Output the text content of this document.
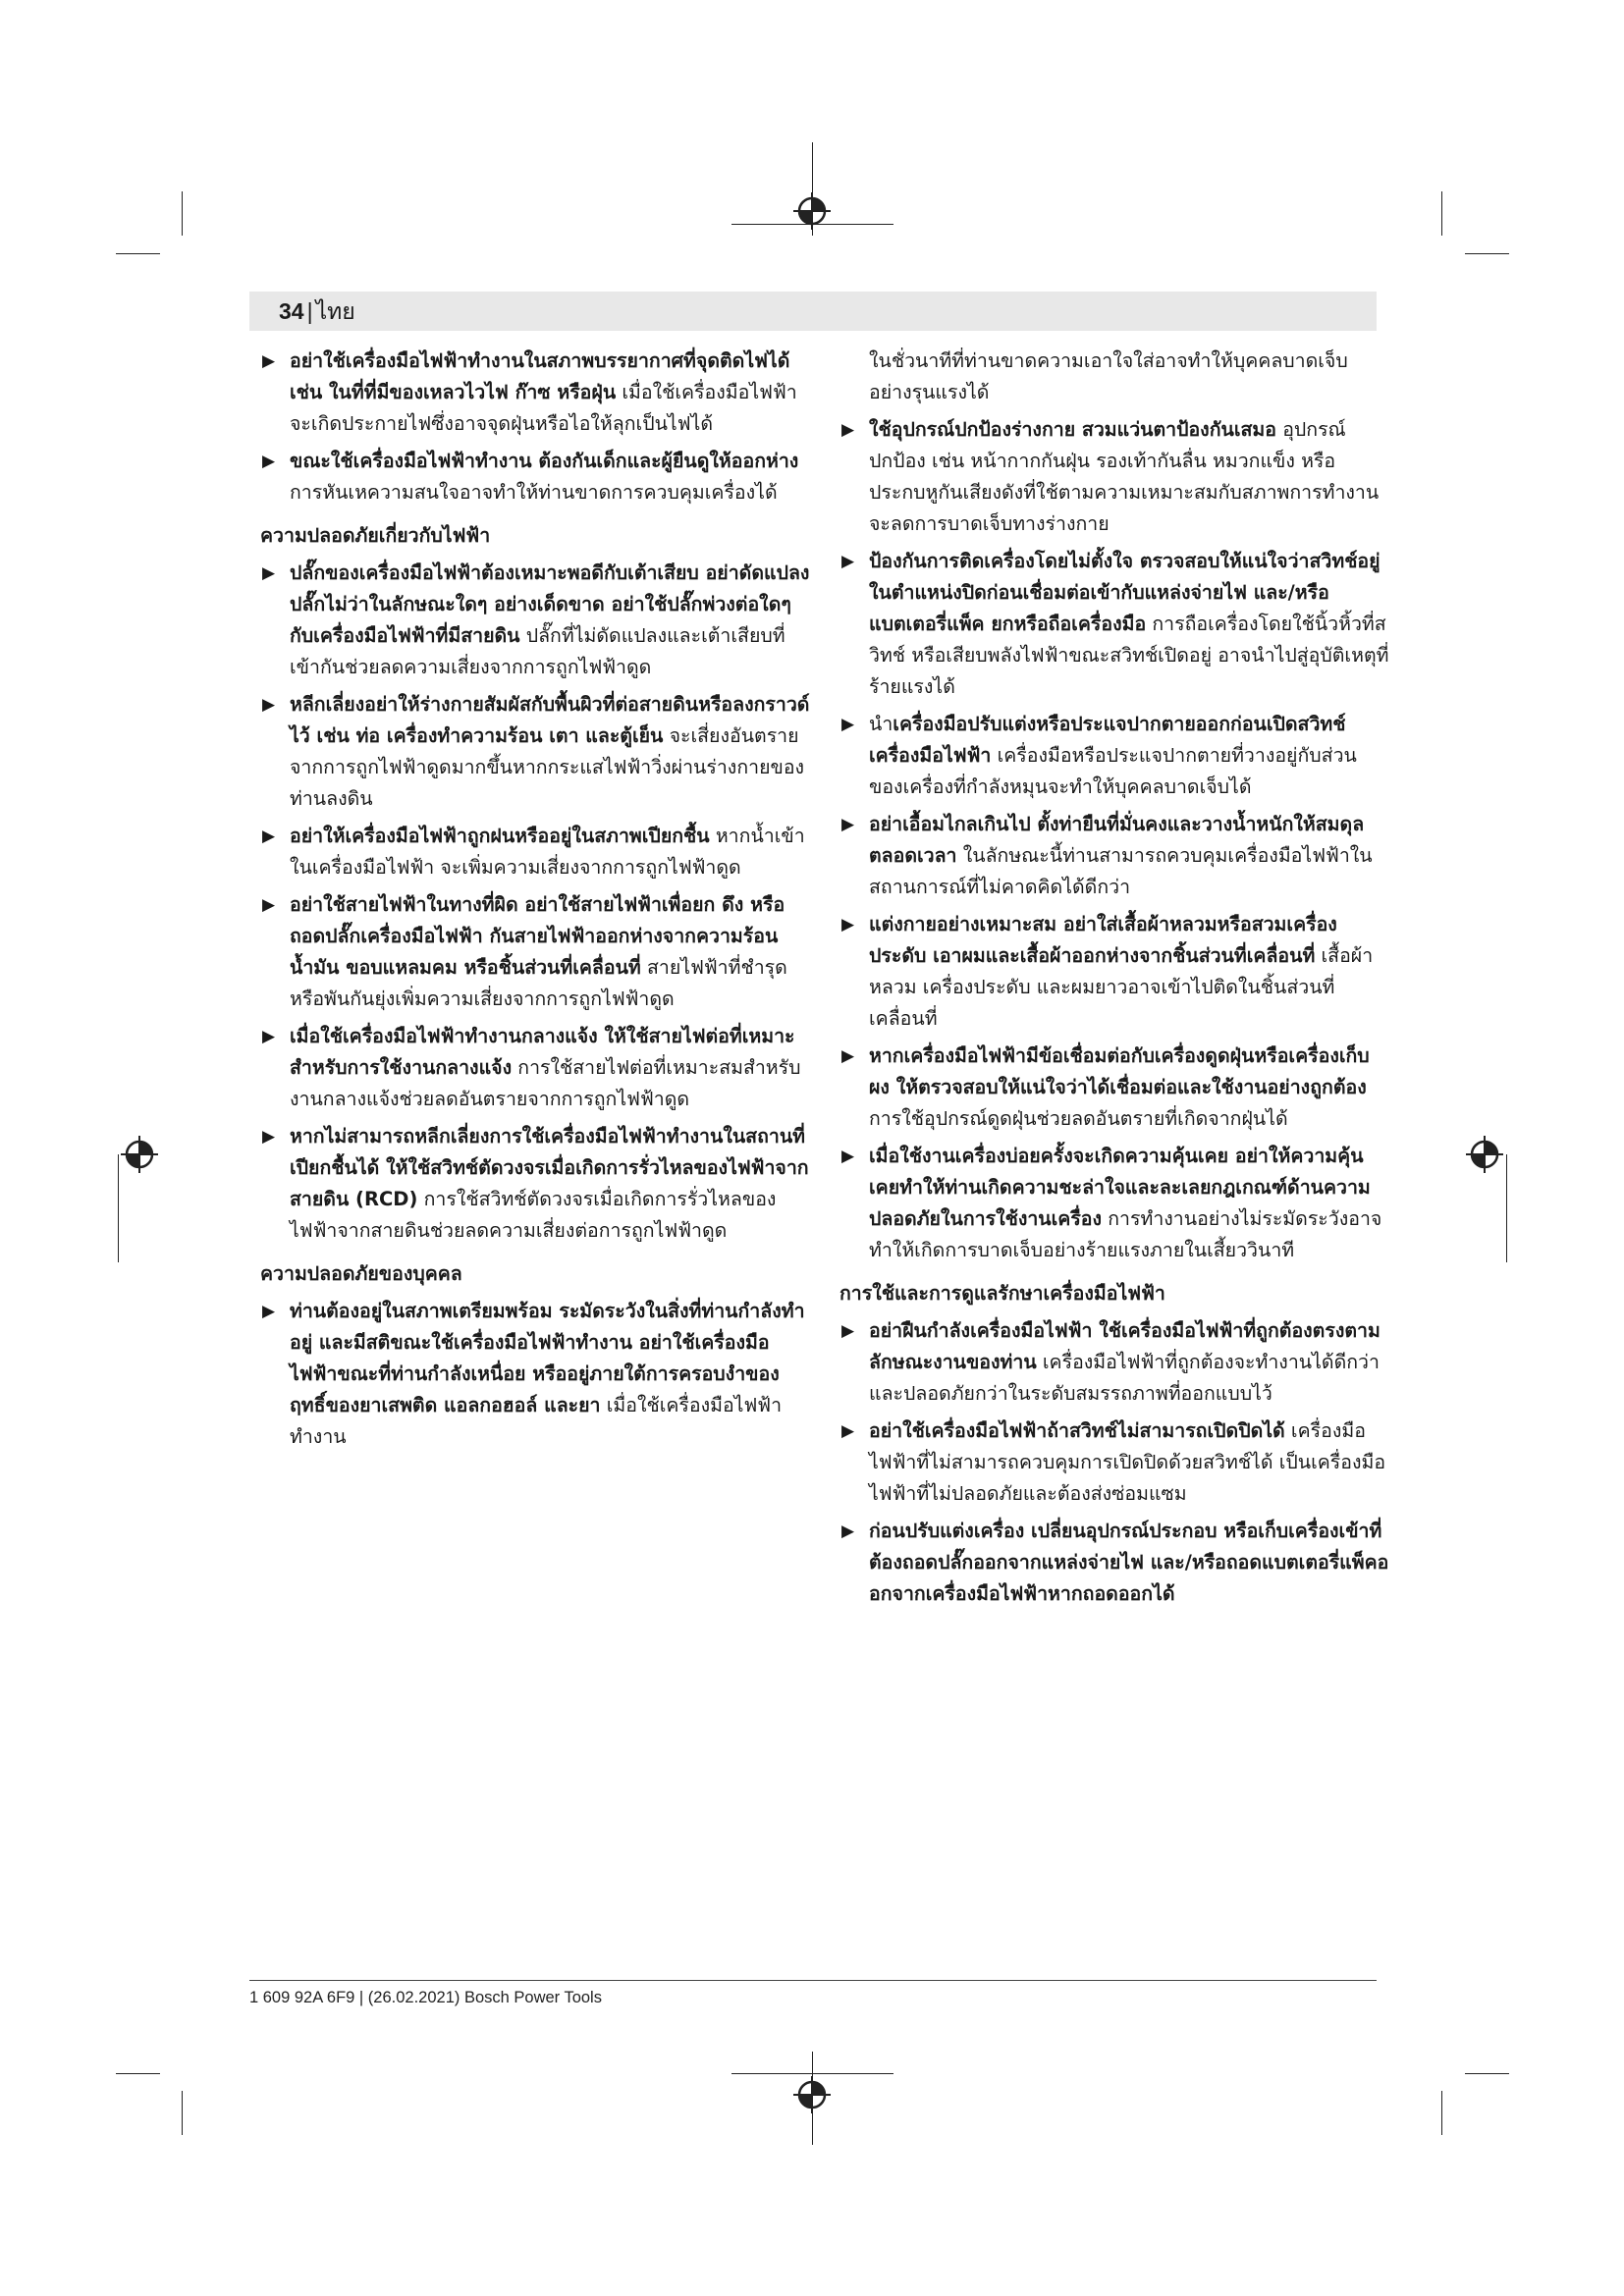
34 | ไทย
▶ อย่าใช้เครื่องมือไฟฟ้าทำงานในสภาพบรรยากาศที่จุดติดไฟได้ เช่น ในที่ที่มีของเหลวไวไฟ ก๊าซ หรือฝุ่น เมื่อใช้เครื่องมือไฟฟ้าจะเกิดประกายไฟซึ่งอาจจุดฝุ่นหรือไอให้ลุกเป็นไฟได้

▶ ขณะใช้เครื่องมือไฟฟ้าทำงาน ต้องกันเด็กและผู้ยืนดูให้ออกห่าง การหันเหความสนใจอาจทำให้ท่านขาดการควบคุมเครื่องได้

ความปลอดภัยเกี่ยวกับไฟฟ้า
▶ ปลั๊กของเครื่องมือไฟฟ้าต้องเหมาะพอดีกับเต้าเสียบ อย่าดัดแปลงปลั๊กไม่ว่าในลักษณะใดๆ อย่างเด็ดขาด อย่าใช้ปลั๊กพ่วงต่อใดๆ กับเครื่องมือไฟฟ้าที่มีสายดิน ปลั๊กที่ไม่ดัดแปลงและเต้าเสียบที่เข้ากันช่วยลดความเสี่ยงจากการถูกไฟฟ้าดูด

▶ หลีกเลี่ยงอย่าให้ร่างกายสัมผัสกับพื้นผิวที่ต่อสายดินหรือลงกราวด์ไว้ เช่น ท่อ เครื่องทำความร้อน เตา และตู้เย็น จะเสี่ยงอันตรายจากการถูกไฟฟ้าดูดมากขึ้นหากกระแสไฟฟ้าวิ่งผ่านร่างกายของท่านลงดิน

▶ อย่าให้เครื่องมือไฟฟ้าถูกฝนหรืออยู่ในสภาพเปียกชื้น หากน้ำเข้าในเครื่องมือไฟฟ้า จะเพิ่มความเสี่ยงจากการถูกไฟฟ้าดูด

▶ อย่าใช้สายไฟฟ้าในทางที่ผิด อย่าใช้สายไฟฟ้าเพื่อยก ดึง หรือถอดปลั๊กเครื่องมือไฟฟ้า กันสายไฟฟ้าออกห่างจากความร้อน น้ำมัน ขอบแหลมคม หรือชิ้นส่วนที่เคลื่อนที่ สายไฟฟ้าที่ชำรุดหรือพันกันยุ่งเพิ่มความเสี่ยงจากการถูกไฟฟ้าดูด

▶ เมื่อใช้เครื่องมือไฟฟ้าทำงานกลางแจ้ง ให้ใช้สายไฟต่อที่เหมาะสำหรับการใช้งานกลางแจ้ง การใช้สายไฟต่อที่เหมาะสมสำหรับงานกลางแจ้งช่วยลดอันตรายจากการถูกไฟฟ้าดูด

▶ หากไม่สามารถหลีกเลี่ยงการใช้เครื่องมือไฟฟ้าทำงานในสถานที่เปียกชื้นได้ ให้ใช้สวิทช์ตัดวงจรเมื่อเกิดการรั่วไหลของไฟฟ้าจากสายดิน (RCD) การใช้สวิทช์ตัดวงจรเมื่อเกิดการรั่วไหลของไฟฟ้าจากสายดินช่วยลดความเสี่ยงต่อการถูกไฟฟ้าดูด

ความปลอดภัยของบุคคล
▶ ท่านต้องอยู่ในสภาพเตรียมพร้อม ระมัดระวังในสิ่งที่ท่านกำลังทำอยู่ และมีสติขณะใช้เครื่องมือไฟฟ้าทำงาน อย่าใช้เครื่องมือไฟฟ้าขณะที่ท่านกำลังเหนื่อย หรืออยู่ภายใต้การครอบงำของฤทธิ์ของยาเสพติด แอลกอฮอล์ และยา เมื่อใช้เครื่องมือไฟฟ้าทำงาน

ในชั่วนาทีที่ท่านขาดความเอาใจใส่อาจทำให้บุคคลบาดเจ็บอย่างรุนแรงได้

▶ ใช้อุปกรณ์ปกป้องร่างกาย สวมแว่นตาป้องกันเสมอ อุปกรณ์ปกป้อง เช่น หน้ากากกันฝุ่น รองเท้ากันลื่น หมวกแข็ง หรือประกบหูกันเสียงดังที่ใช้ตามความเหมาะสมกับสภาพการทำงาน จะลดการบาดเจ็บทางร่างกาย

▶ ป้องกันการติดเครื่องโดยไม่ตั้งใจ ตรวจสอบให้แน่ใจว่าสวิทช์อยู่ในตำแหน่งปิดก่อนเชื่อมต่อเข้ากับแหล่งจ่ายไฟ และ/หรือแบตเตอรี่แพ็ค ยกหรือถือเครื่องมือ การถือเครื่องโดยใช้นิ้วหิ้วที่สวิทช์ หรือเสียบพลังไฟฟ้าขณะสวิทช์เปิดอยู่ อาจนำไปสู่อุบัติเหตุที่ร้ายแรงได้

▶ นำเครื่องมือปรับแต่งหรือประแจปากตายออกก่อนเปิดสวิทช์เครื่องมือไฟฟ้า เครื่องมือหรือประแจปากตายที่วางอยู่กับส่วนของเครื่องที่กำลังหมุนจะทำให้บุคคลบาดเจ็บได้

▶ อย่าเอื้อมไกลเกินไป ตั้งท่ายืนที่มั่นคงและวางน้ำหนักให้สมดุลตลอดเวลา ในลักษณะนี้ท่านสามารถควบคุมเครื่องมือไฟฟ้าในสถานการณ์ที่ไม่คาดคิดได้ดีกว่า

▶ แต่งกายอย่างเหมาะสม อย่าใส่เสื้อผ้าหลวมหรือสวมเครื่องประดับ เอาผมและเสื้อผ้าออกห่างจากชิ้นส่วนที่เคลื่อนที่ เสื้อผ้าหลวม เครื่องประดับ และผมยาวอาจเข้าไปติดในชิ้นส่วนที่เคลื่อนที่

▶ หากเครื่องมือไฟฟ้ามีข้อเชื่อมต่อกับเครื่องดูดฝุ่นหรือเครื่องเก็บผง ให้ตรวจสอบให้แน่ใจว่าได้เชื่อมต่อและใช้งานอย่างถูกต้อง การใช้อุปกรณ์ดูดฝุ่นช่วยลดอันตรายที่เกิดจากฝุ่นได้

▶ เมื่อใช้งานเครื่องบ่อยครั้งจะเกิดความคุ้นเคย อย่าให้ความคุ้นเคยทำให้ท่านเกิดความชะล่าใจและละเลยกฎเกณฑ์ด้านความปลอดภัยในการใช้งานเครื่อง การทำงานอย่างไม่ระมัดระวังอาจทำให้เกิดการบาดเจ็บอย่างร้ายแรงภายในเสี้ยววินาที

การใช้และการดูแลรักษาเครื่องมือไฟฟ้า
▶ อย่าฝืนกำลังเครื่องมือไฟฟ้า ใช้เครื่องมือไฟฟ้าที่ถูกต้องตรงตามลักษณะงานของท่าน เครื่องมือไฟฟ้าที่ถูกต้องจะทำงานได้ดีกว่าและปลอดภัยกว่าในระดับสมรรถภาพที่ออกแบบไว้

▶ อย่าใช้เครื่องมือไฟฟ้าถ้าสวิทช์ไม่สามารถเปิดปิดได้ เครื่องมือไฟฟ้าที่ไม่สามารถควบคุมการเปิดปิดด้วยสวิทช์ได้ เป็นเครื่องมือไฟฟ้าที่ไม่ปลอดภัยและต้องส่งซ่อมแซม

▶ ก่อนปรับแต่งเครื่อง เปลี่ยนอุปกรณ์ประกอบ หรือเก็บเครื่องเข้าที่ ต้องถอดปลั๊กออกจากแหล่งจ่ายไฟ และ/หรือถอดแบตเตอรี่แพ็คออกจากเครื่องมือไฟฟ้าหากถอดออกได้

1 609 92A 6F9 | (26.02.2021) Bosch Power Tools
